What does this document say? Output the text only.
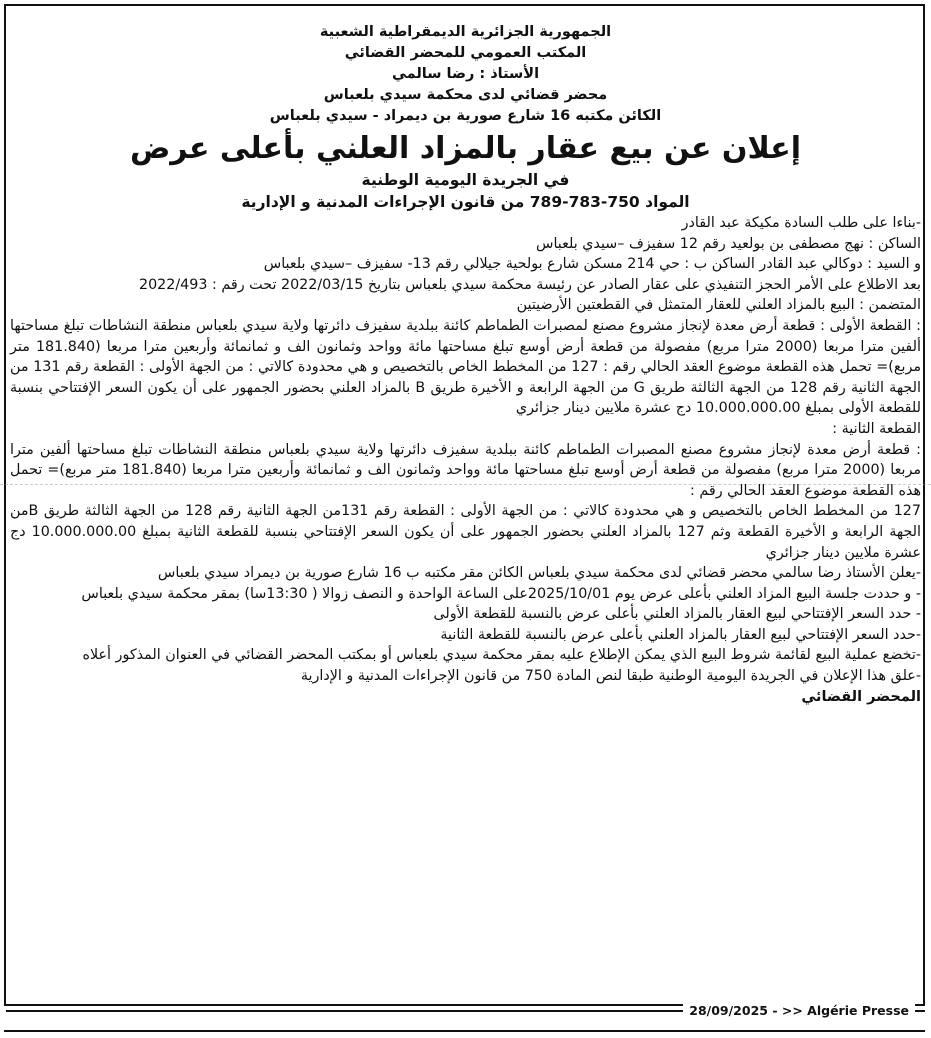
الجمهورية الجزائرية الديمقراطية الشعبية
المكتب العمومي للمحضر القضائي
الأستاذ : رضا سالمي
محضر قضائي لدى محكمة سيدي بلعباس
الكائن مكتبه 16 شارع صورية بن ديمراد - سيدي بلعباس
إعلان عن بيع عقار بالمزاد العلني بأعلى عرض
في الجريدة اليومية الوطنية
المواد 750-783-789 من قانون الإجراءات المدنية و الإدارية

-بناءا على طلب السادة مكيكة عبد القادر

الساكن : نهج مصطفى بن بولعيد رقم 12 سفيزف –سيدي بلعباس

و السيد : دوكالي عبد القادر الساكن ب : حي 214 مسكن شارع بولحية جيلالي رقم 13- سفيزف –سيدي بلعباس

بعد الاطلاع على الأمر الحجز التنفيذي على عقار الصادر عن رئيسة محكمة سيدي بلعباس بتاريخ 2022/03/15 تحت رقم : 2022/493

المتضمن : البيع بالمزاد العلني للعقار المتمثل في القطعتين الأرضيتين

: القطعة الأولى : قطعة أرض معدة لإنجاز مشروع مصنع لمصبرات الطماطم كائنة ببلدية سفيزف دائرتها ولاية سيدي بلعباس منطقة النشاطات تبلغ مساحتها ألفين مترا مربعا (2000 مترا مربع) مفصولة من قطعة أرض أوسع تبلغ مساحتها مائة وواحد وثمانون الف و ثمانمائة وأربعين مترا مربعا (181.840 متر مربع)= تحمل هذه القطعة موضوع العقد الحالي رقم : 127 من المخطط الخاص بالتخصيص و هي محدودة كالاتي : من الجهة الأولى : القطعة رقم 131 من الجهة الثانية رقم 128 من الجهة الثالثة طريق G من الجهة الرابعة و الأخيرة طريق B بالمزاد العلني بحضور الجمهور على أن يكون السعر الإفتتاحي بنسبة للقطعة الأولى بمبلغ 10.000.000.00 دج عشرة ملايين دينار جزائري

القطعة الثانية :

: قطعة أرض معدة لإنجاز مشروع مصنع المصبرات الطماطم كائنة ببلدية سفيزف دائرتها ولاية سيدي بلعباس منطقة النشاطات تبلغ مساحتها ألفين مترا مربعا (2000 مترا مربع) مفصولة من قطعة أرض أوسع تبلغ مساحتها مائة وواحد وثمانون الف و ثمانمائة وأربعين مترا مربعا (181.840 متر مربع)= تحمل هذه القطعة موضوع العقد الحالي رقم :

127 من المخطط الخاص بالتخصيص و هي محدودة كالاتي : من الجهة الأولى : القطعة رقم 131من الجهة الثانية رقم 128 من الجهة الثالثة طريق Bمن الجهة الرابعة و الأخيرة القطعة وثم 127 بالمزاد العلني بحضور الجمهور على أن يكون السعر الإفتتاحي بنسبة للقطعة الثانية بمبلغ 10.000.000.00 دج عشرة ملايين دينار جزائري

-يعلن الأستاذ رضا سالمي محضر قضائي لدى محكمة سيدي بلعباس الكائن مقر مكتبه ب 16 شارع صورية بن ديمراد سيدي بلعباس

- و حددت جلسة البيع المزاد العلني بأعلى عرض يوم 2025/10/01على الساعة الواحدة و النصف زوالا ( 13:30سا) بمقر محكمة سيدي بلعباس

- حدد السعر الإفتتاحي لبيع العقار بالمزاد العلني بأعلى عرض بالنسبة للقطعة الأولى

-حدد السعر الإفتتاحي لبيع العقار بالمزاد العلني بأعلى عرض بالنسبة للقطعة الثانية

-تخضع عملية البيع لقائمة شروط البيع الذي يمكن الإطلاع عليه بمقر محكمة سيدي بلعباس أو بمكتب المحضر القضائي في العنوان المذكور أعلاه

-علق هذا الإعلان في الجريدة اليومية الوطنية طبقا لنص المادة 750 من قانون الإجراءات المدنية و الإدارية

المحضر القضائي
28/09/2025 - >> Algérie Presse
